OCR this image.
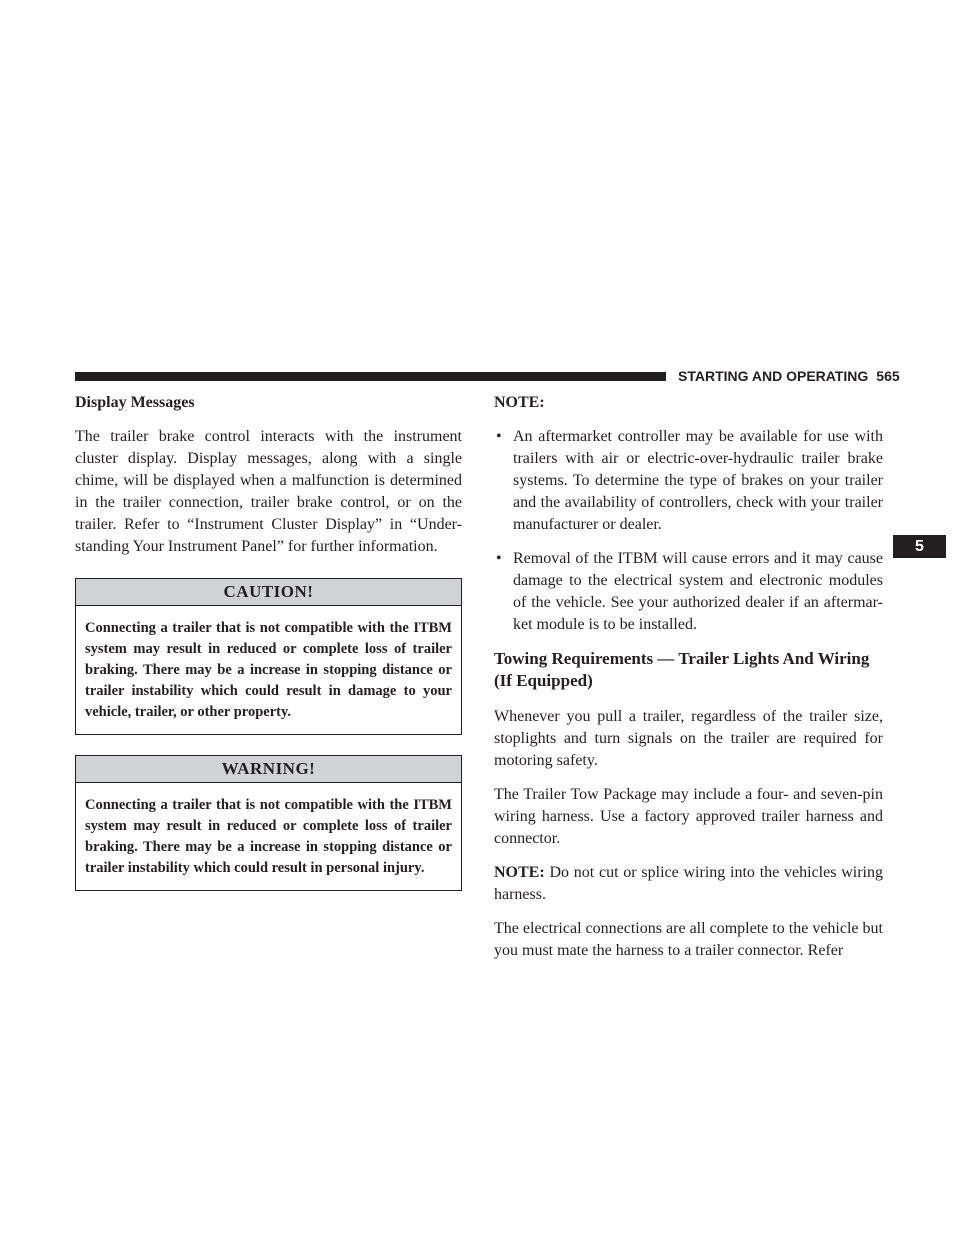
STARTING AND OPERATING 565
5
Display Messages

The trailer brake control interacts with the instrument cluster display. Display messages, along with a single chime, will be displayed when a malfunction is determined in the trailer connection, trailer brake control, or on the trailer. Refer to “Instrument Cluster Display” in “Under-standing Your Instrument Panel” for further information.

CAUTION!
Connecting a trailer that is not compatible with the ITBM system may result in reduced or complete loss of trailer braking. There may be a increase in stopping distance or trailer instability which could result in damage to your vehicle, trailer, or other property.
WARNING!
Connecting a trailer that is not compatible with the ITBM system may result in reduced or complete loss of trailer braking. There may be a increase in stopping distance or trailer instability which could result in personal injury.
NOTE:
• An aftermarket controller may be available for use with trailers with air or electric-over-hydraulic trailer brake systems. To determine the type of brakes on your trailer and the availability of controllers, check with your trailer manufacturer or dealer.
• Removal of the ITBM will cause errors and it may cause damage to the electrical system and electronic modules of the vehicle. See your authorized dealer if an aftermar-ket module is to be installed.
Towing Requirements — Trailer Lights And Wiring (If Equipped)

Whenever you pull a trailer, regardless of the trailer size, stoplights and turn signals on the trailer are required for motoring safety.

The Trailer Tow Package may include a four- and seven-pin wiring harness. Use a factory approved trailer harness and connector.

NOTE: Do not cut or splice wiring into the vehicles wiring harness.

The electrical connections are all complete to the vehicle but you must mate the harness to a trailer connector. Refer
